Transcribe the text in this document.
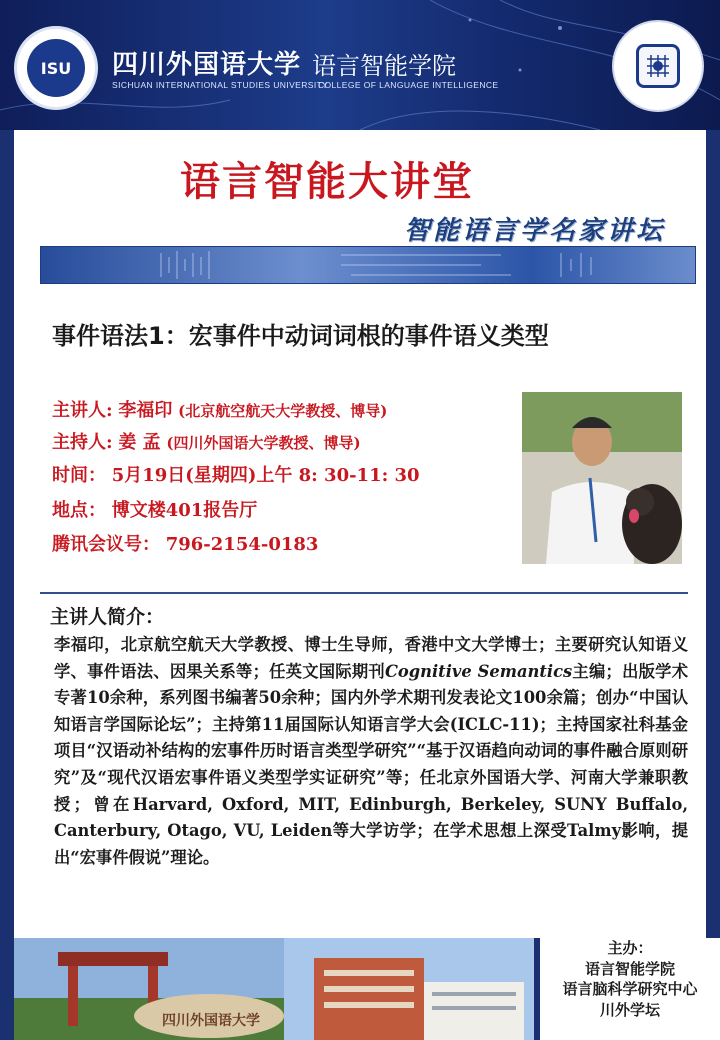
ISU 四川外国语大学 语言智能学院
SICHUAN INTERNATIONAL STUDIES UNIVERSITY
COLLEGE OF LANGUAGE INTELLIGENCE
语言智能大讲堂
智能语言学名家讲坛
事件语法1：宏事件中动词词根的事件语义类型
主讲人: 李福印 (北京航空航天大学教授、博导)
主持人: 姜 孟 (四川外国语大学教授、博导)
时间： 5月19日(星期四)上午 8: 30-11: 30
地点： 博文楼401报告厅
腾讯会议号： 796-2154-0183
主讲人简介：
李福印，北京航空航天大学教授、博士生导师，香港中文大学博士；主要研究认知语义学、事件语法、因果关系等；任英文国际期刊Cognitive Semantics主编；出版学术专著10余种，系列图书编著50余种；国内外学术期刊发表论文100余篇；创办“中国认知语言学国际论坛”；主持第11届国际认知语言学大会(ICLC-11)；主持国家社科基金项目“汉语动补结构的宏事件历时语言类型学研究”“基于汉语趋向动词的事件融合原则研究”及“现代汉语宏事件语义类型学实证研究”等；任北京外国语大学、河南大学兼职教授；曾在Harvard, Oxford, MIT, Edinburgh, Berkeley, SUNY Buffalo, Canterbury, Otago, VU, Leiden等大学访学；在学术思想上深受Talmy影响，提出“宏事件假说”理论。
四川外国语大学
主办：
语言智能学院
语言脑科学研究中心
川外学坛
